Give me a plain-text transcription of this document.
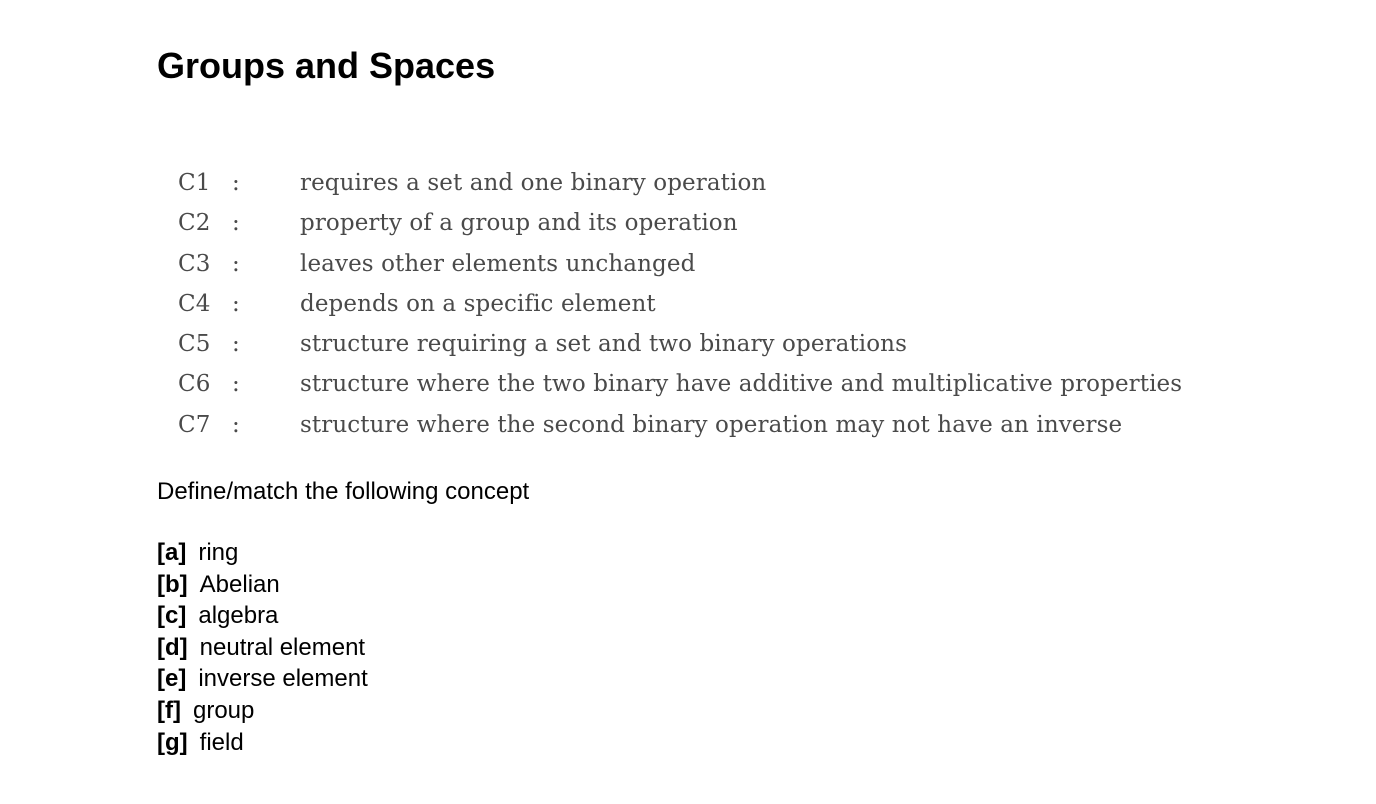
Groups and Spaces
C1 :	requires a set and one binary operation
C2 :	property of a group and its operation
C3 :	leaves other elements unchanged
C4 :	depends on a specific element
C5 :	structure requiring a set and two binary operations
C6 :	structure where the two binary have additive and multiplicative properties
C7 :	structure where the second binary operation may not have an inverse

Define/match the following concept

[a] ring
[b] Abelian
[c] algebra
[d] neutral element
[e] inverse element
[f] group
[g] field
